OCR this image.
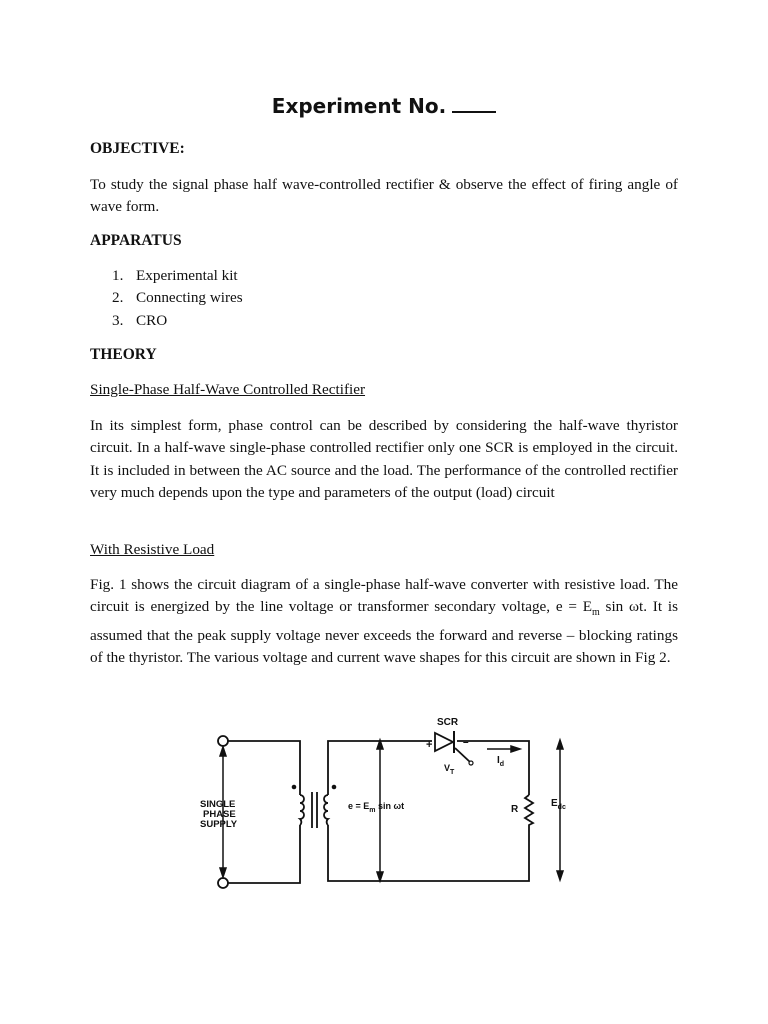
Experiment No.
OBJECTIVE:
To study the signal phase half wave-controlled rectifier & observe the effect of firing angle of wave form.
APPARATUS
1. Experimental kit
2. Connecting wires
3. CRO
THEORY
Single-Phase Half-Wave Controlled Rectifier
In its simplest form, phase control can be described by considering the half-wave thyristor circuit. In a half-wave single-phase controlled rectifier only one SCR is employed in the circuit. It is included in between the AC source and the load. The performance of the controlled rectifier very much depends upon the type and parameters of the output (load) circuit
With Resistive Load
Fig. 1 shows the circuit diagram of a single-phase half-wave converter with resistive load. The circuit is energized by the line voltage or transformer secondary voltage, $e = E_m$ sin ωt. It is assumed that the peak supply voltage never exceeds the forward and reverse – blocking ratings of the thyristor. The various voltage and current wave shapes for this circuit are shown in Fig 2.
SCR
+	–
$V_T$
$I_d$
SINGLE
PHASE
SUPPLY
$e = E_m$ sin ωt	R
$E_{dc}$
